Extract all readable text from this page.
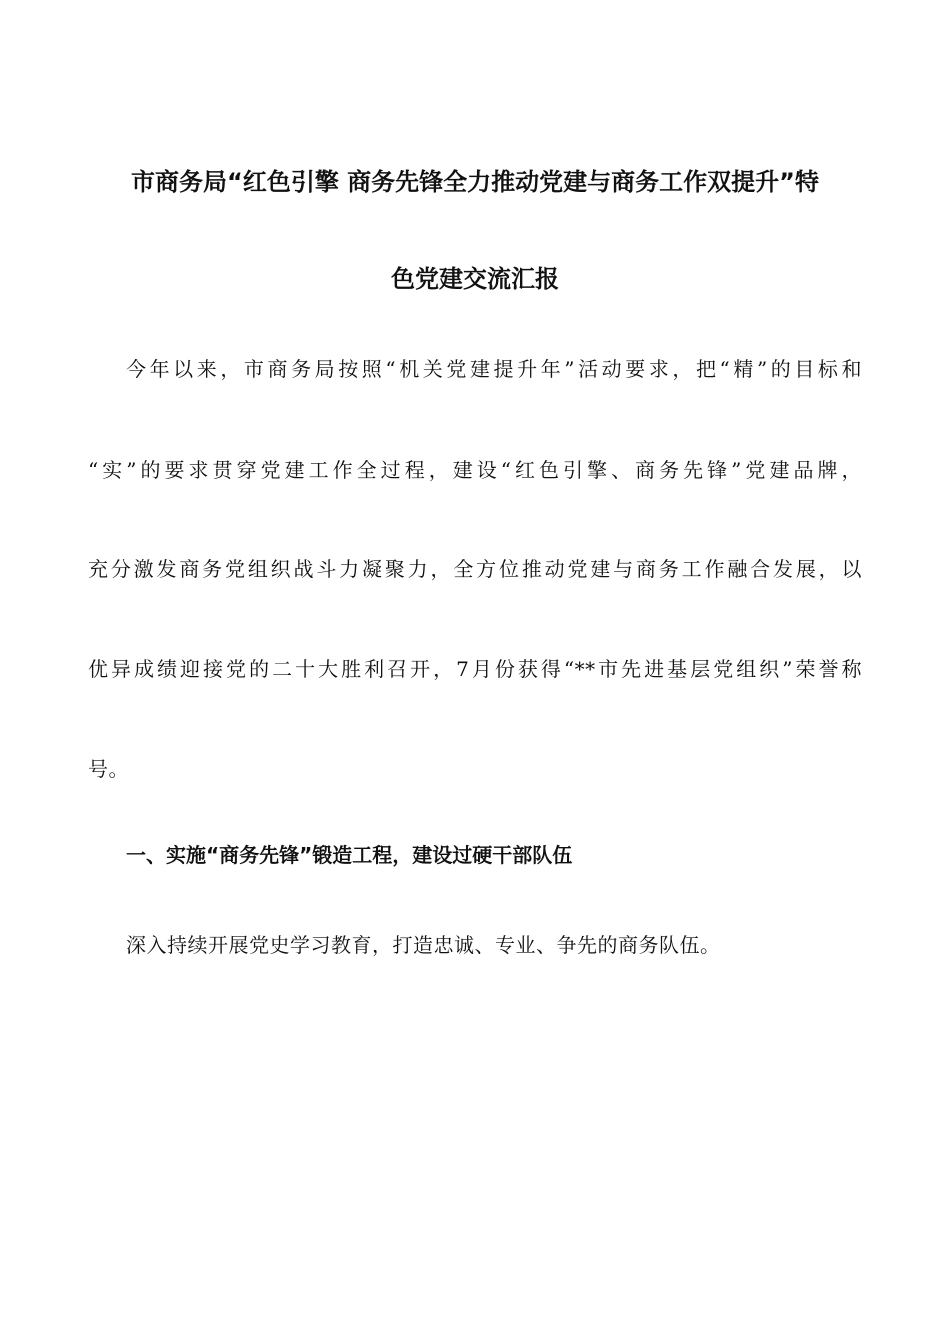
市商务局“红色引擎 商务先锋全力推动党建与商务工作双提升”特
色党建交流汇报
今年以来，市商务局按照“机关党建提升年”活动要求，把“精”的目标和
“实”的要求贯穿党建工作全过程，建设“红色引擎、商务先锋”党建品牌，
充分激发商务党组织战斗力凝聚力，全方位推动党建与商务工作融合发展，以
优异成绩迎接党的二十大胜利召开，7月份获得“**市先进基层党组织”荣誉称
号。
一、实施“商务先锋”锻造工程，建设过硬干部队伍
深入持续开展党史学习教育，打造忠诚、专业、争先的商务队伍。
